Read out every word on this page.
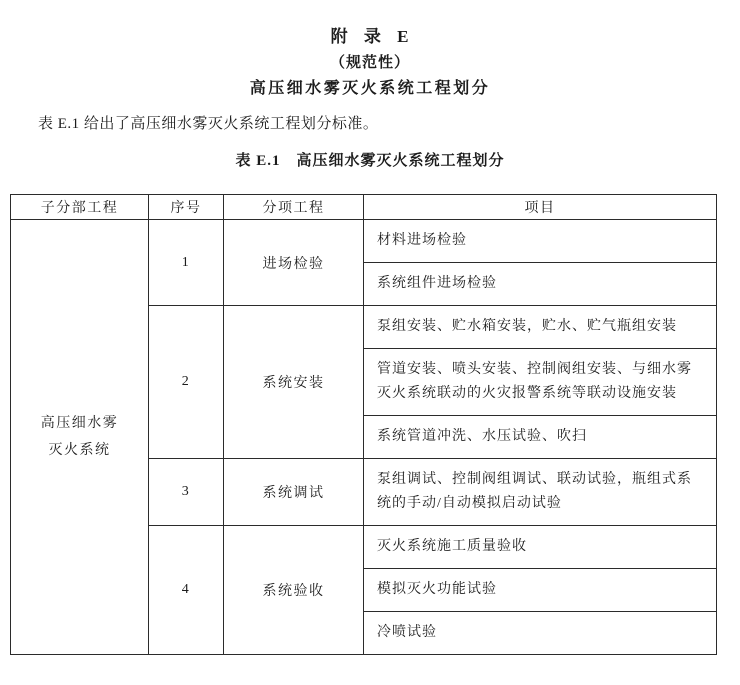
附 录 E
（规范性）
高压细水雾灭火系统工程划分

表 E.1 给出了高压细水雾灭火系统工程划分标准。

表 E.1　高压细水雾灭火系统工程划分
子分部工程	序号	分项工程	项目
高压细水雾灭火系统	1	进场检验	材料进场检验
			系统组件进场检验
	2	系统安装	泵组安装、贮水箱安装，贮水、贮气瓶组安装
			管道安装、喷头安装、控制阀组安装、与细水雾灭火系统联动的火灾报警系统等联动设施安装
			系统管道冲洗、水压试验、吹扫
	3	系统调试	泵组调试、控制阀组调试、联动试验，瓶组式系统的手动/自动模拟启动试验
	4	系统验收	灭火系统施工质量验收
			模拟灭火功能试验
			冷喷试验
